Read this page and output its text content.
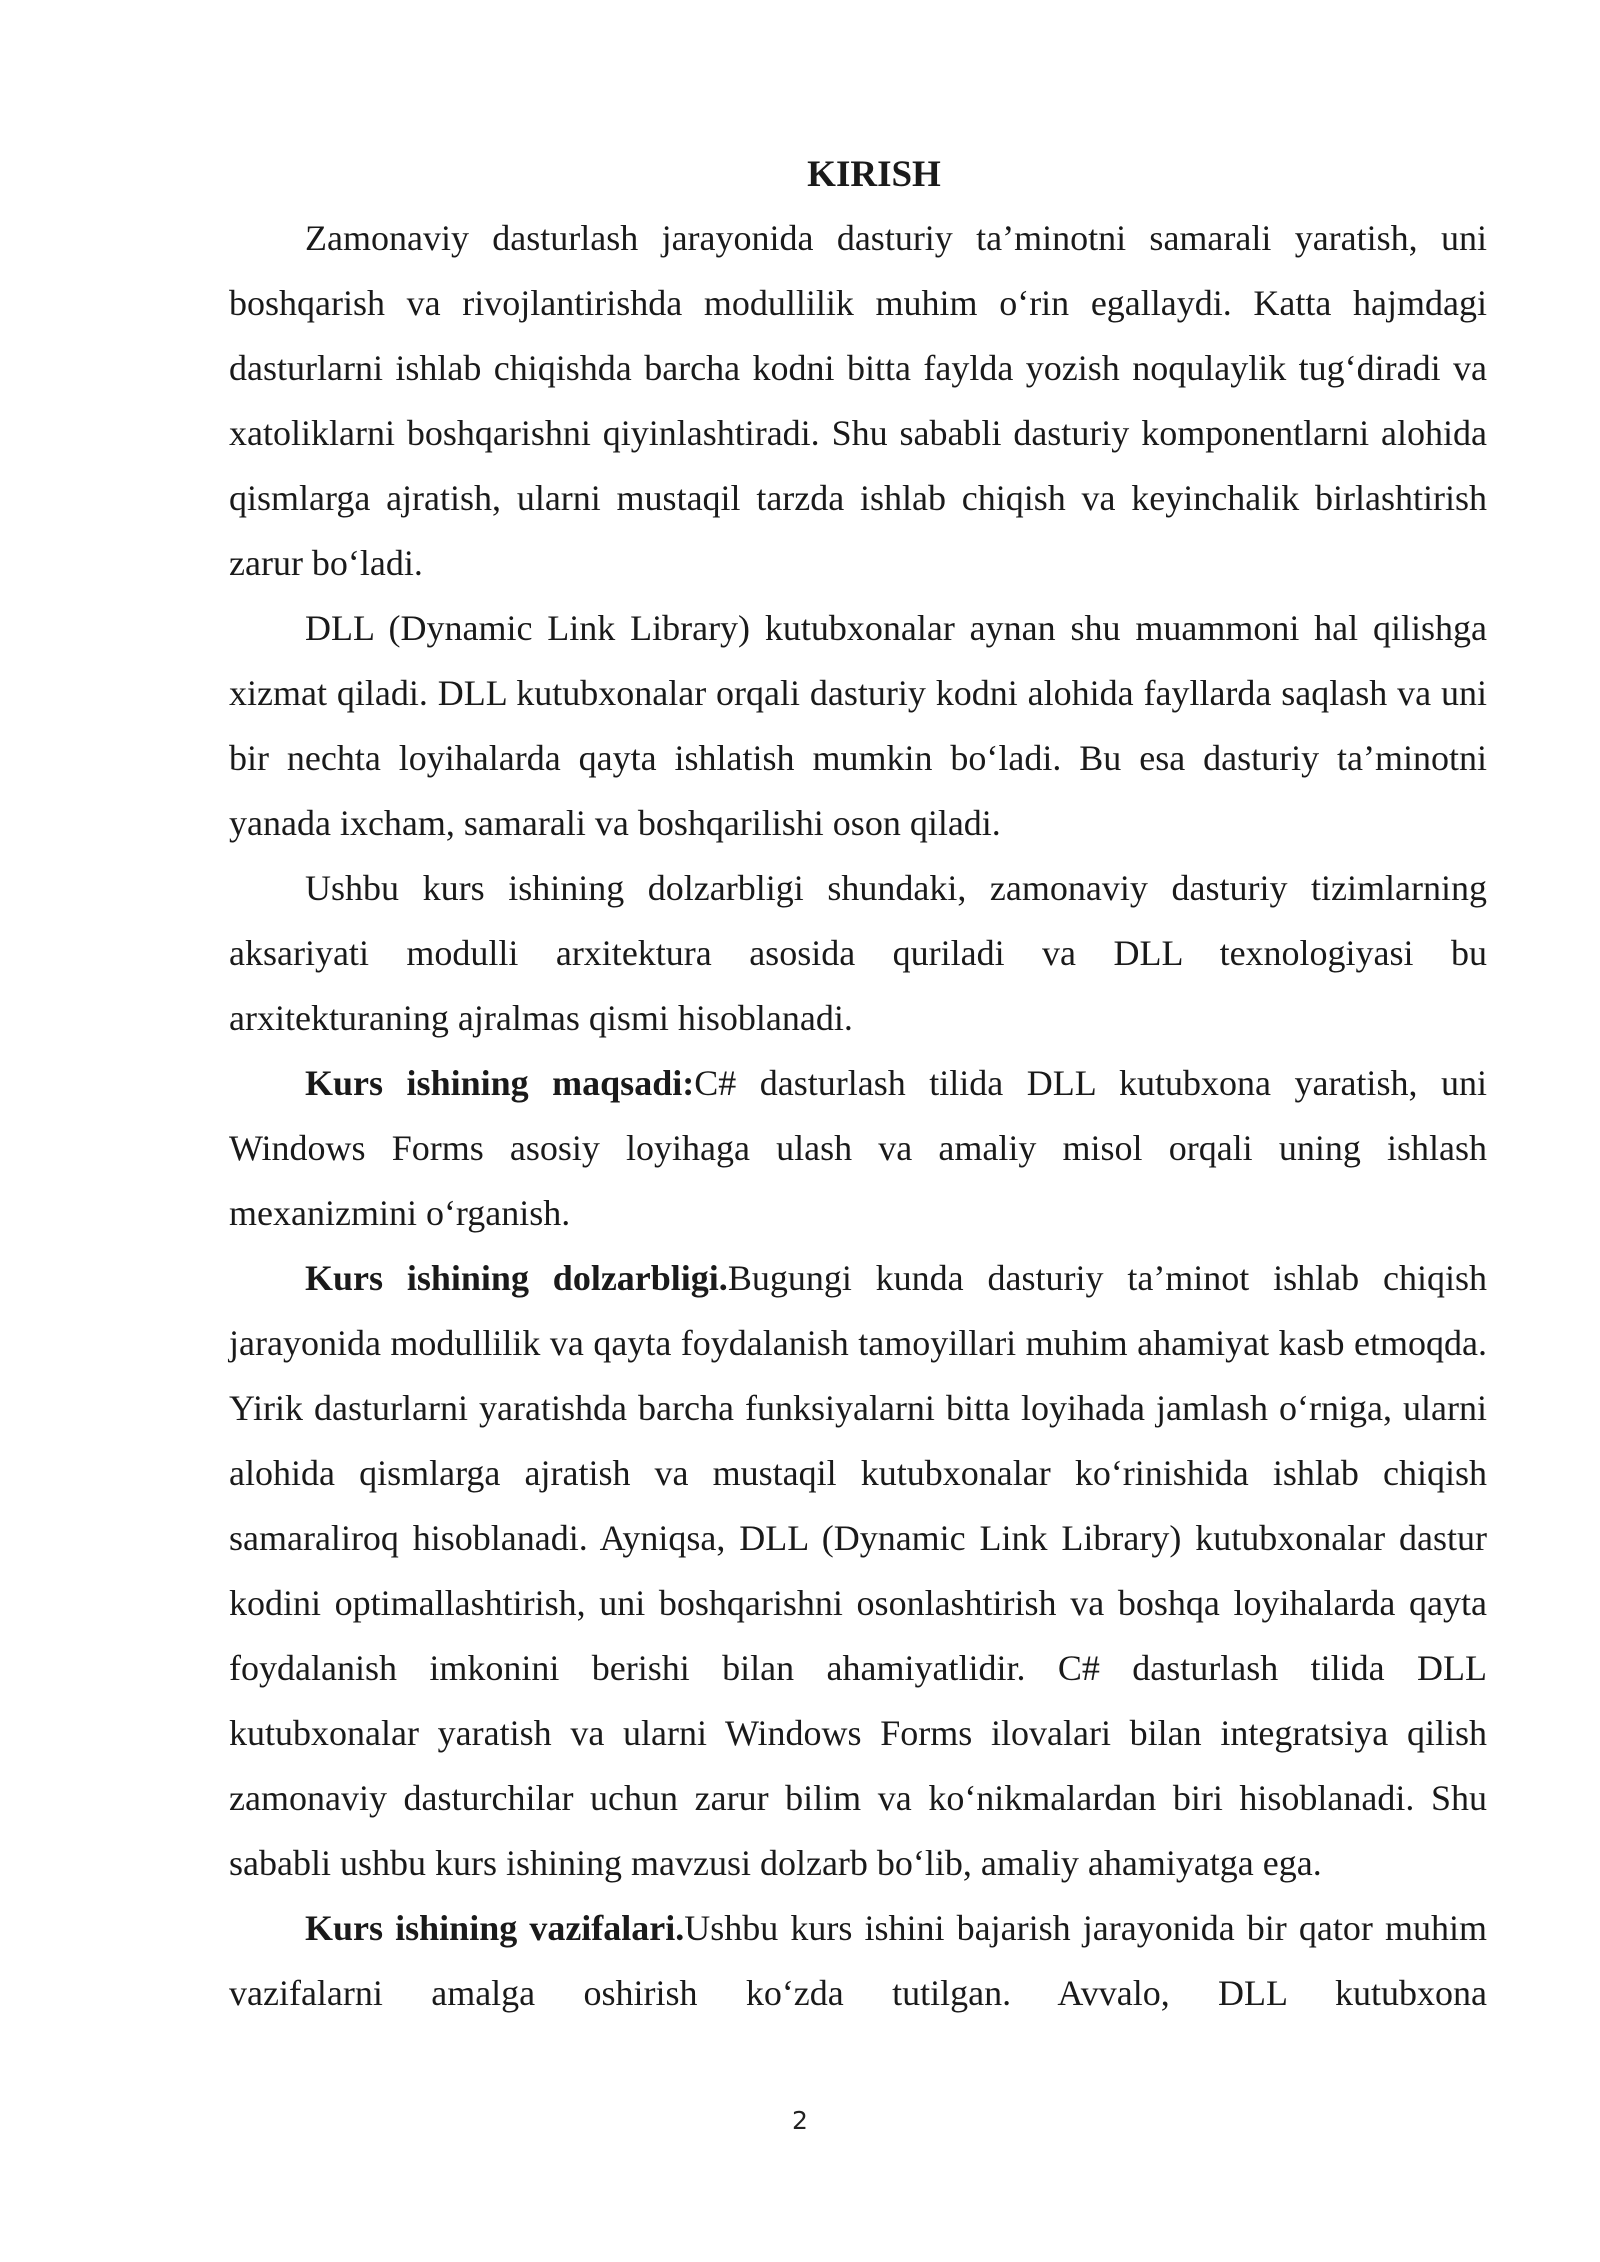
KIRISH

Zamonaviy dasturlash jarayonida dasturiy ta’minotni samarali yaratish, uni boshqarish va rivojlantirishda modullilik muhim o‘rin egallaydi. Katta hajmdagi dasturlarni ishlab chiqishda barcha kodni bitta faylda yozish noqulaylik tug‘diradi va xatoliklarni boshqarishni qiyinlashtiradi. Shu sababli dasturiy komponentlarni alohida qismlarga ajratish, ularni mustaqil tarzda ishlab chiqish va keyinchalik birlashtirish zarur bo‘ladi.

DLL (Dynamic Link Library) kutubxonalar aynan shu muammoni hal qilishga xizmat qiladi. DLL kutubxonalar orqali dasturiy kodni alohida fayllarda saqlash va uni bir nechta loyihalarda qayta ishlatish mumkin bo‘ladi. Bu esa dasturiy ta’minotni yanada ixcham, samarali va boshqarilishi oson qiladi.

Ushbu kurs ishining dolzarbligi shundaki, zamonaviy dasturiy tizimlarning aksariyati modulli arxitektura asosida quriladi va DLL texnologiyasi bu arxitekturaning ajralmas qismi hisoblanadi.

Kurs ishining maqsadi:C# dasturlash tilida DLL kutubxona yaratish, uni Windows Forms asosiy loyihaga ulash va amaliy misol orqali uning ishlash mexanizmini o‘rganish.

Kurs ishining dolzarbligi.Bugungi kunda dasturiy ta’minot ishlab chiqish jarayonida modullilik va qayta foydalanish tamoyillari muhim ahamiyat kasb etmoqda. Yirik dasturlarni yaratishda barcha funksiyalarni bitta loyihada jamlash o‘rniga, ularni alohida qismlarga ajratish va mustaqil kutubxonalar ko‘rinishida ishlab chiqish samaraliroq hisoblanadi. Ayniqsa, DLL (Dynamic Link Library) kutubxonalar dastur kodini optimallashtirish, uni boshqarishni osonlashtirish va boshqa loyihalarda qayta foydalanish imkonini berishi bilan ahamiyatlidir. C# dasturlash tilida DLL kutubxonalar yaratish va ularni Windows Forms ilovalari bilan integratsiya qilish zamonaviy dasturchilar uchun zarur bilim va ko‘nikmalardan biri hisoblanadi. Shu sababli ushbu kurs ishining mavzusi dolzarb bo‘lib, amaliy ahamiyatga ega.

Kurs ishining vazifalari.Ushbu kurs ishini bajarish jarayonida bir qator muhim vazifalarni amalga oshirish ko‘zda tutilgan. Avvalo, DLL kutubxona

2
